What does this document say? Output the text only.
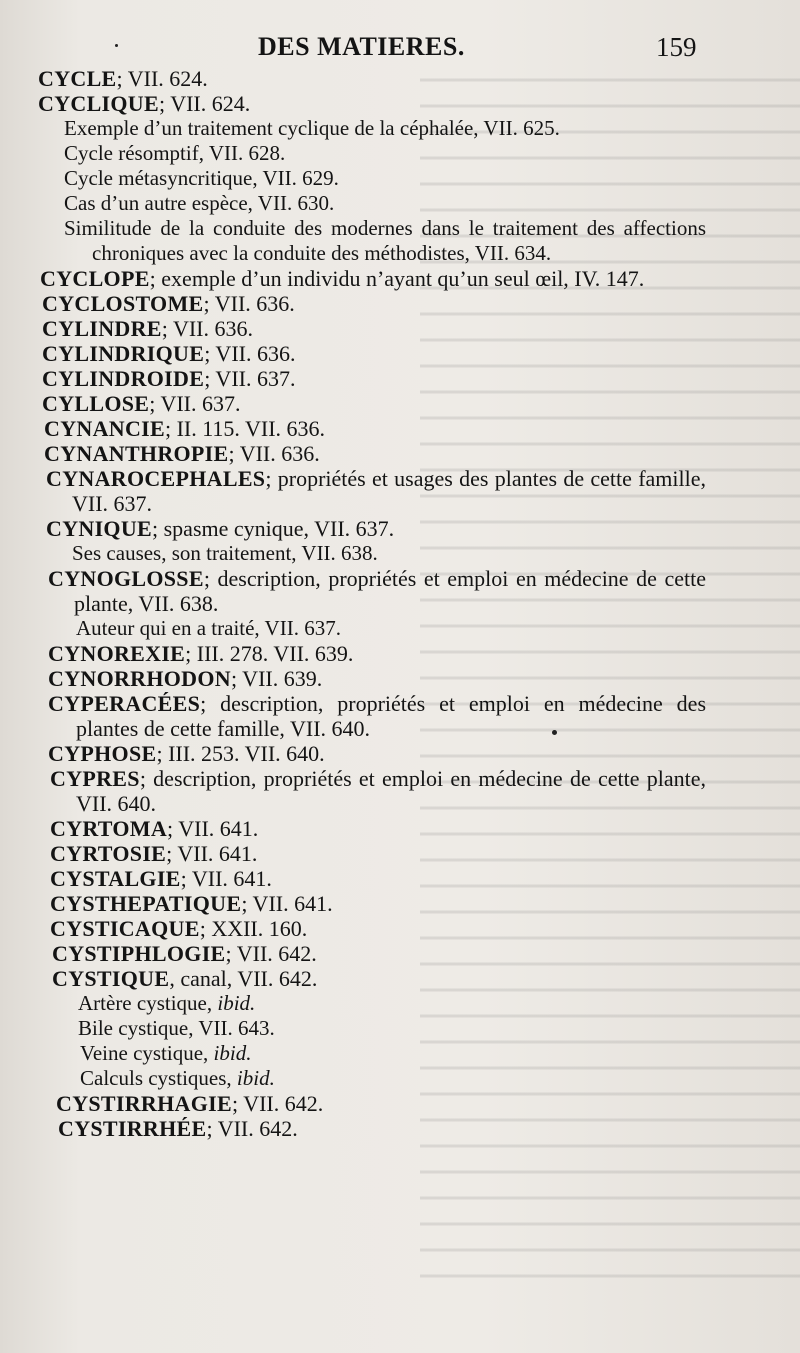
DES MATIERES.	159

CYCLE; VII. 624.

CYCLIQUE; VII. 624.

Exemple d’un traitement cyclique de la céphalée, VII. 625.

Cycle résomptif, VII. 628.

Cycle métasyncritique, VII. 629.

Cas d’un autre espèce, VII. 630.

Similitude de la conduite des modernes dans le traitement des affections chroniques avec la conduite des méthodistes, VII. 634.

CYCLOPE; exemple d’un individu n’ayant qu’un seul œil, IV. 147.

CYCLOSTOME; VII. 636.

CYLINDRE; VII. 636.

CYLINDRIQUE; VII. 636.

CYLINDROIDE; VII. 637.

CYLLOSE; VII. 637.

CYNANCIE; II. 115. VII. 636.

CYNANTHROPIE; VII. 636.

CYNAROCEPHALES; propriétés et usages des plantes de cette famille, VII. 637.

CYNIQUE; spasme cynique, VII. 637.

Ses causes, son traitement, VII. 638.

CYNOGLOSSE; description, propriétés et emploi en médecine de cette plante, VII. 638.

Auteur qui en a traité, VII. 637.

CYNOREXIE; III. 278. VII. 639.

CYNORRHODON; VII. 639.

CYPERACÉES; description, propriétés et emploi en médecine des plantes de cette famille, VII. 640.

CYPHOSE; III. 253. VII. 640.

CYPRES; description, propriétés et emploi en médecine de cette plante, VII. 640.

CYRTOMA; VII. 641.

CYRTOSIE; VII. 641.

CYSTALGIE; VII. 641.

CYSTHEPATIQUE; VII. 641.

CYSTICAQUE; XXII. 160.

CYSTIPHLOGIE; VII. 642.

CYSTIQUE, canal, VII. 642.

Artère cystique, ibid.

Bile cystique, VII. 643.

Veine cystique, ibid.

Calculs cystiques, ibid.

CYSTIRRHAGIE; VII. 642.

CYSTIRRHÉE; VII. 642.
